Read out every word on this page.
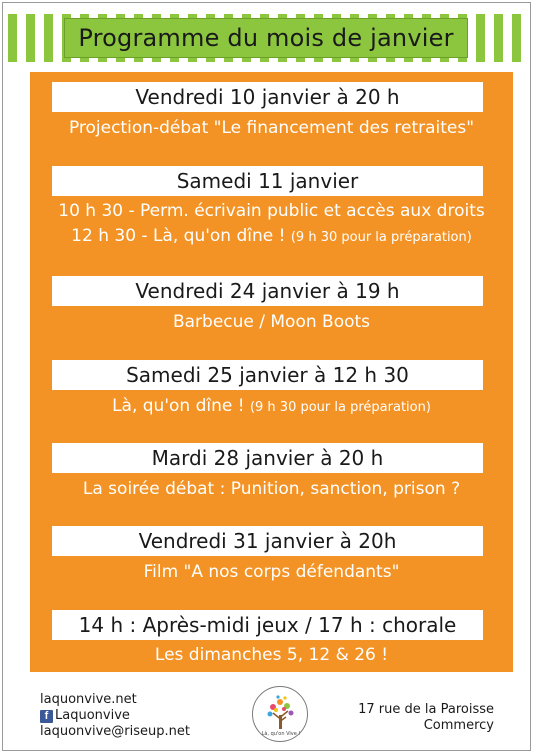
Programme du mois de janvier
Vendredi 10 janvier à 20 h
Projection-débat "Le financement des retraites"
Samedi 11 janvier
10 h 30 - Perm. écrivain public et accès aux droits
12 h 30 - Là, qu'on dîne ! (9 h 30 pour la préparation)
Vendredi 24 janvier à 19 h
Barbecue / Moon Boots
Samedi 25 janvier à 12 h 30
Là, qu'on dîne ! (9 h 30 pour la préparation)
Mardi 28 janvier à 20 h
La soirée débat : Punition, sanction, prison ?
Vendredi 31 janvier à 20h
Film "A nos corps défendants"
14 h : Après-midi jeux / 17 h : chorale
Les dimanches 5, 12 & 26 !
laquonvive.net
f Laquonvive
laquonvive@riseup.net	Là, qu'on Vive !
17 rue de la Paroisse
Commercy
